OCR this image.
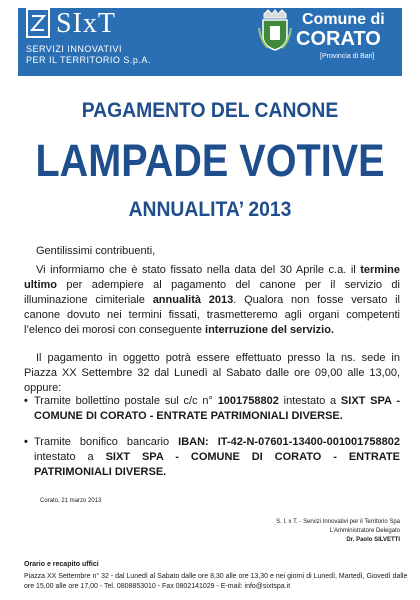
SIxT
SERVIZI INNOVATIVI
PER IL TERRITORIO S.p.A.
Comune di
CORATO
[Provincia di Bari]
PAGAMENTO DEL CANONE
LAMPADE VOTIVE
ANNUALITA’ 2013
Gentilissimi contribuenti,
Vi informiamo che è stato fissato nella data del 30 Aprile c.a. il termine ultimo per adempiere al pagamento del canone per il servizio di illuminazione cimiteriale annualità 2013. Qualora non fosse versato il canone dovuto nei termini fissati, trasmetteremo agli organi competenti l’elenco dei morosi con conseguente interruzione del servizio.
Il pagamento in oggetto potrà essere effettuato presso la ns. sede in Piazza XX Settembre 32 dal Lunedì al Sabato dalle ore 09,00 alle 13,00, oppure:
• Tramite bollettino postale sul c/c n° 1001758802 intestato a SIXT SPA - COMUNE DI CORATO - ENTRATE PATRIMONIALI DIVERSE.
• Tramite bonifico bancario IBAN: IT-42-N-07601-13400-001001758802 intestato a SIXT SPA - COMUNE DI CORATO - ENTRATE PATRIMONIALI DIVERSE.
Corato, 21 marzo 2013
S. I. x T. - Servizi Innovativi per il Territorio Spa
L’Amministratore Delegato
Dr. Paolo SILVETTI
Orario e recapito uffici
Piazza XX Settembre n° 32 - dal Lunedì al Sabato dalle ore 8,30 alle ore 13,30 e nei giorni di Lunedì, Martedì, Giovedì dalle
ore 15,00 alle ore 17,00 - Tel. 0808853010 - Fax 0802141029 - E-mail: info@sixtspa.it
